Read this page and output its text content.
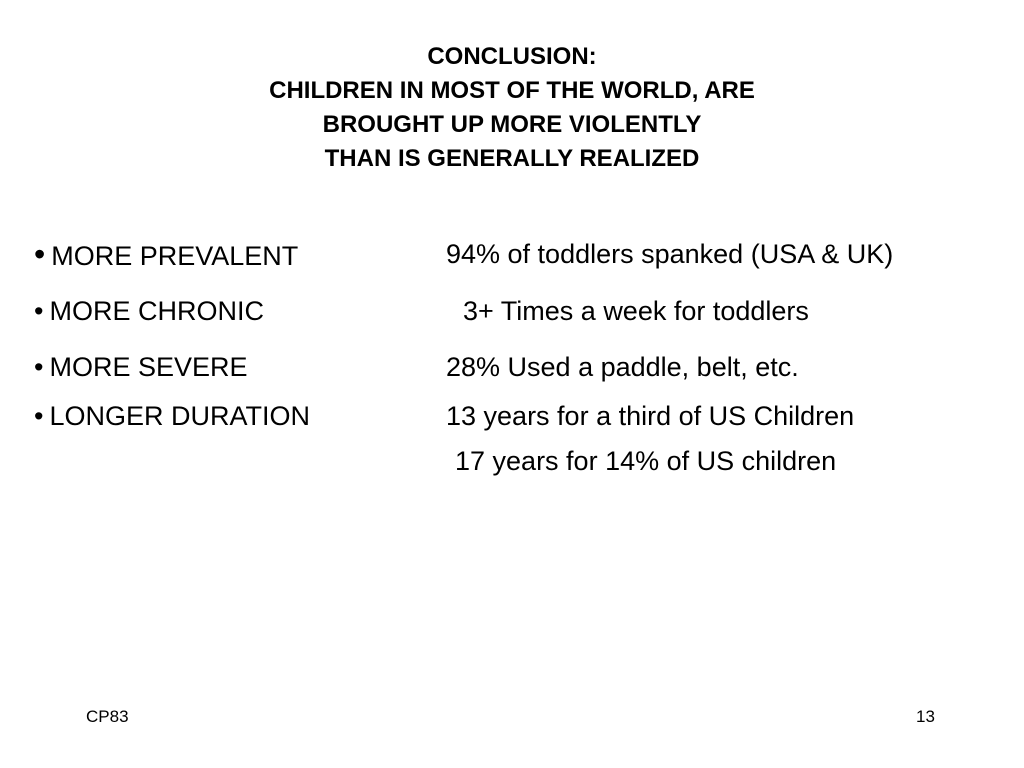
CONCLUSION:
CHILDREN IN MOST OF THE WORLD, ARE
BROUGHT UP MORE VIOLENTLY
THAN IS GENERALLY REALIZED
• MORE PREVALENT	94% of toddlers spanked (USA & UK)
• MORE CHRONIC	3+ Times a week for toddlers
• MORE SEVERE	28% Used a paddle, belt, etc.
• LONGER DURATION	13 years for a third of US Children
17 years for 14% of US children
CP83	13
